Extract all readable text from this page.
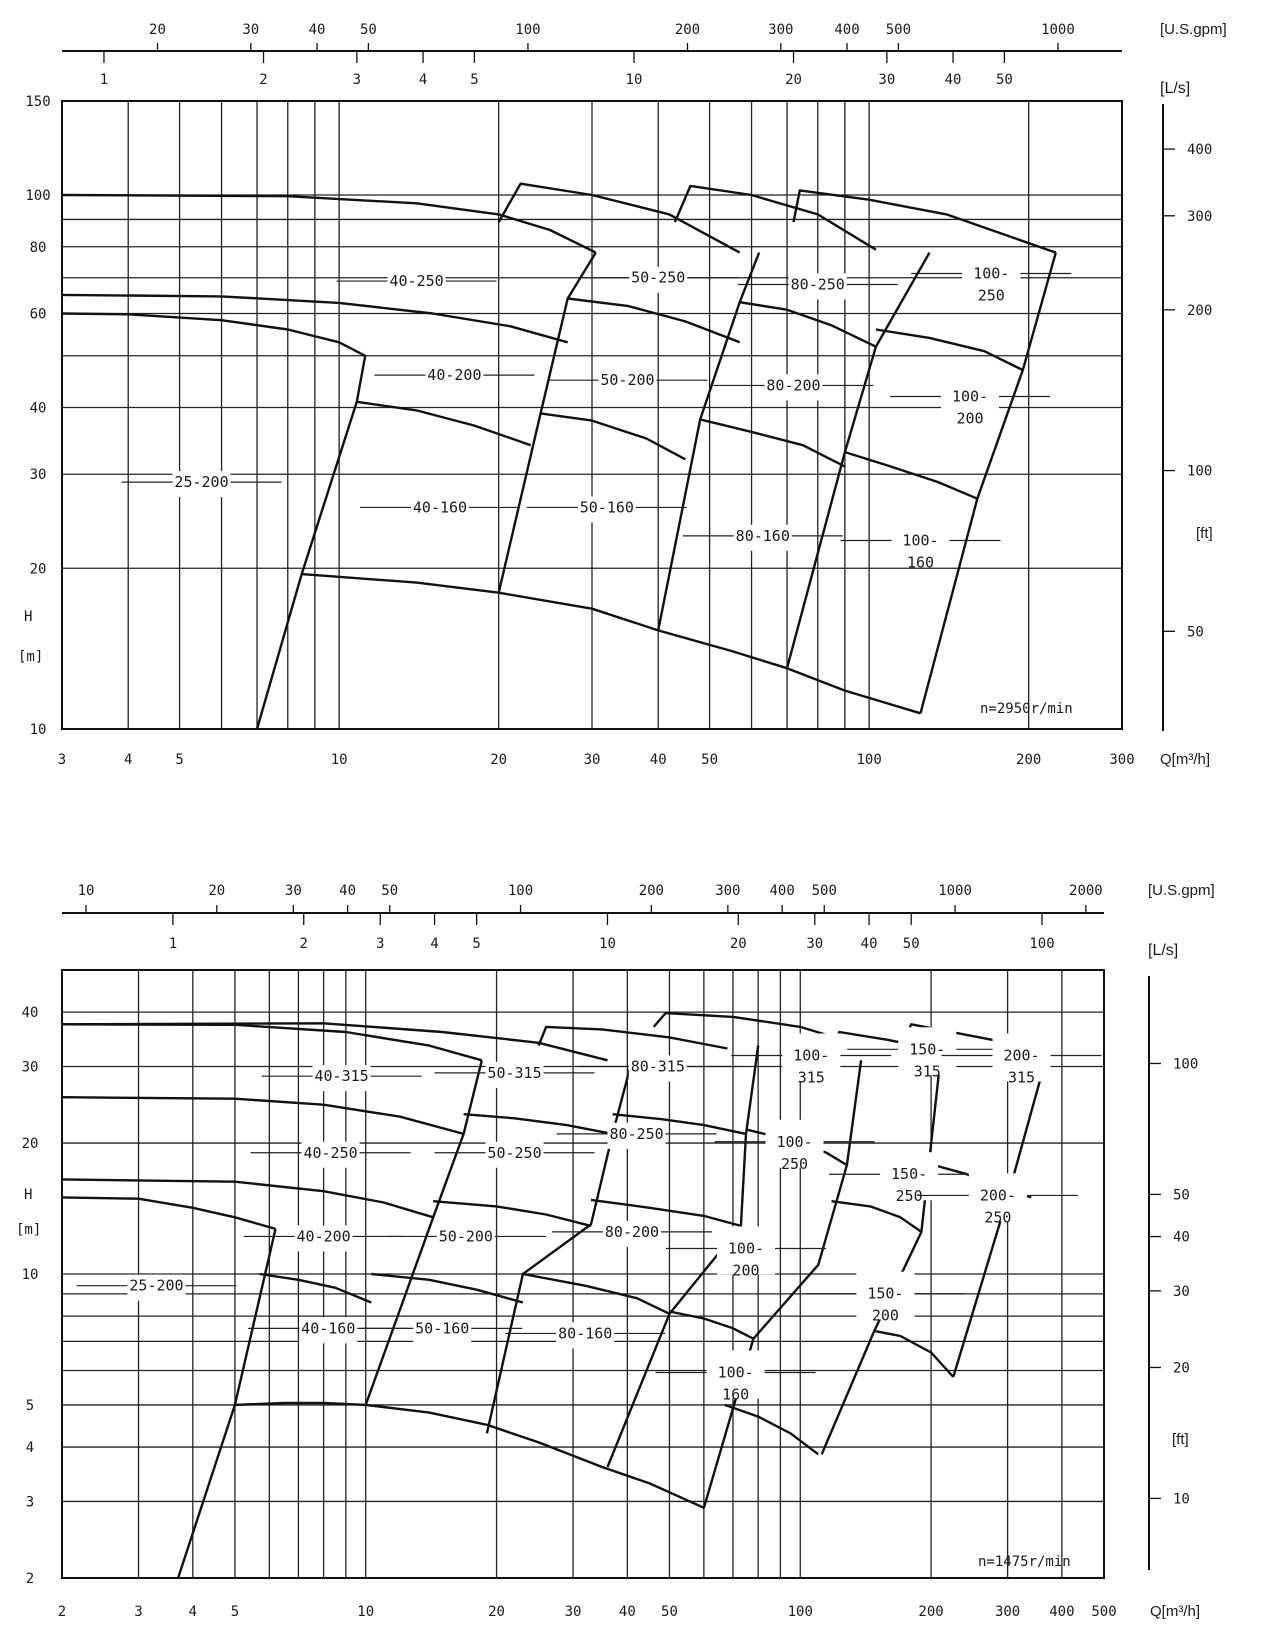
25-200
40-160
40-200
40-250
50-160
50-200
50-250
80-160
80-200
80-250
100-
160
100-
200
100-
250
3	4	5	10	20	30	40 50	100	200	300
10
20
30
40
60
80
100
150
20	30	40 50	100	200	300	400 500	1000
1	2	3	4	5	10	20	30	40 50
400
300
200
100
50
[U.S.gpm]
[L/s]
[ft]
Q[m³/h]
H
[m]
n=2950r/min
25-200
40-160
40-200
40-250
40-315
50-160
50-200
50-250
50-315
80-160
80-200
80-250
80-315
100-
160
100-
200
100-
250
100-
315
150-
200
150-
250
150-
315
200-
250
200-
315
2	3	4 5	10	20	30	40 50	100	200	300 400 500
2
3
4
5
10
20
30
40
10	20	30	40 50	100	200	300 400 500	1000	2000
1	2	3	4 5	10	20	30	40 50	100
100
50
40
30
20
10
[U.S.gpm]
[L/s]
[ft]
Q[m³/h]
H
[m]
n=1475r/min
